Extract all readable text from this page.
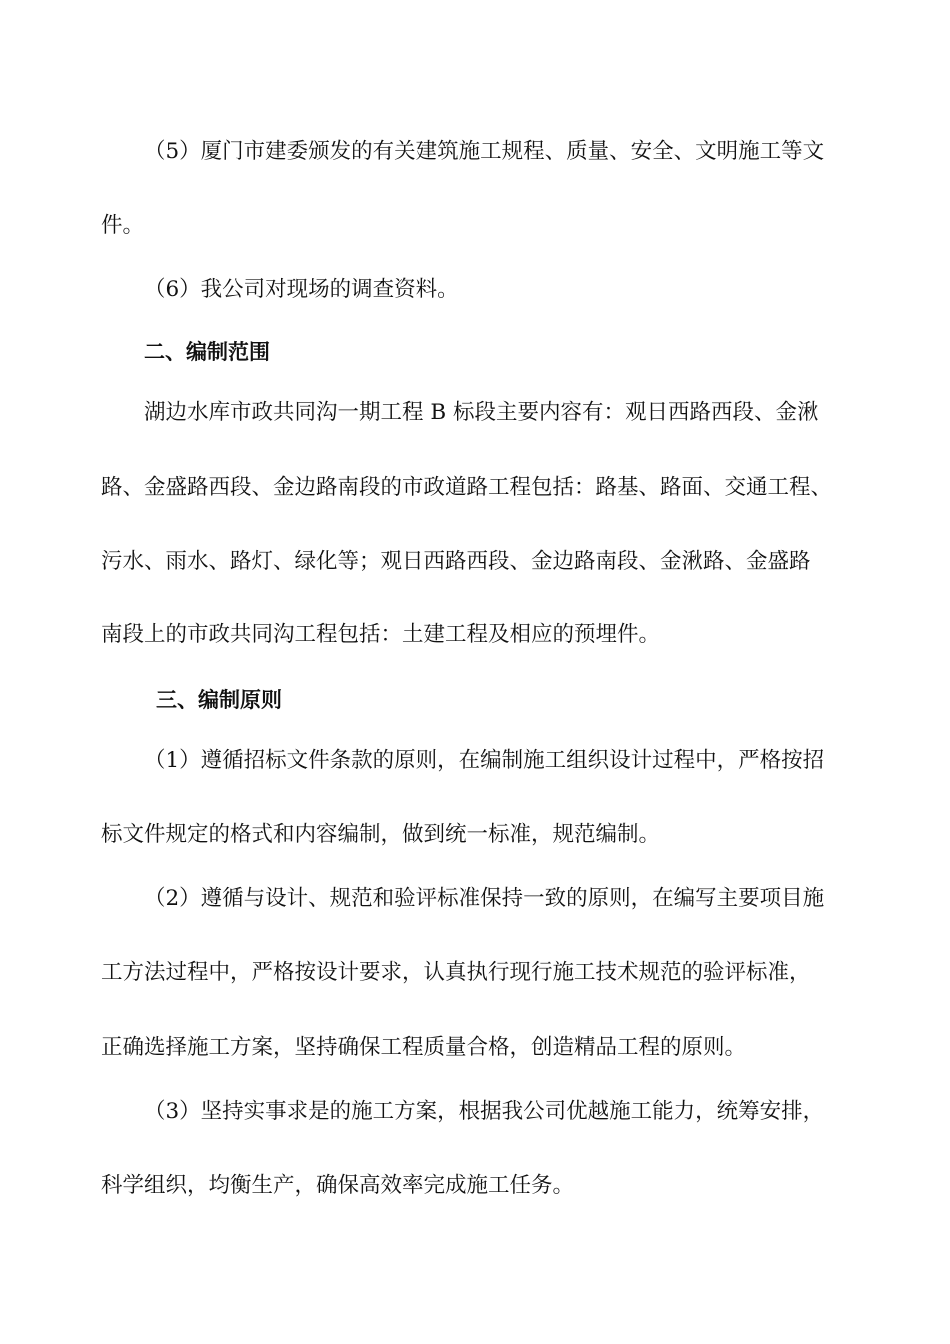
（5）厦门市建委颁发的有关建筑施工规程、质量、安全、文明施工等文
件。
（6）我公司对现场的调查资料。
二、编制范围
湖边水库市政共同沟一期工程 B 标段主要内容有：观日西路西段、金湫
路、金盛路西段、金边路南段的市政道路工程包括：路基、路面、交通工程、
污水、雨水、路灯、绿化等；观日西路西段、金边路南段、金湫路、金盛路
南段上的市政共同沟工程包括：土建工程及相应的预埋件。
三、编制原则
（1）遵循招标文件条款的原则，在编制施工组织设计过程中，严格按招
标文件规定的格式和内容编制，做到统一标准，规范编制。
（2）遵循与设计、规范和验评标准保持一致的原则，在编写主要项目施
工方法过程中，严格按设计要求，认真执行现行施工技术规范的验评标准，
正确选择施工方案，坚持确保工程质量合格，创造精品工程的原则。
（3）坚持实事求是的施工方案，根据我公司优越施工能力，统筹安排，
科学组织，均衡生产，确保高效率完成施工任务。
